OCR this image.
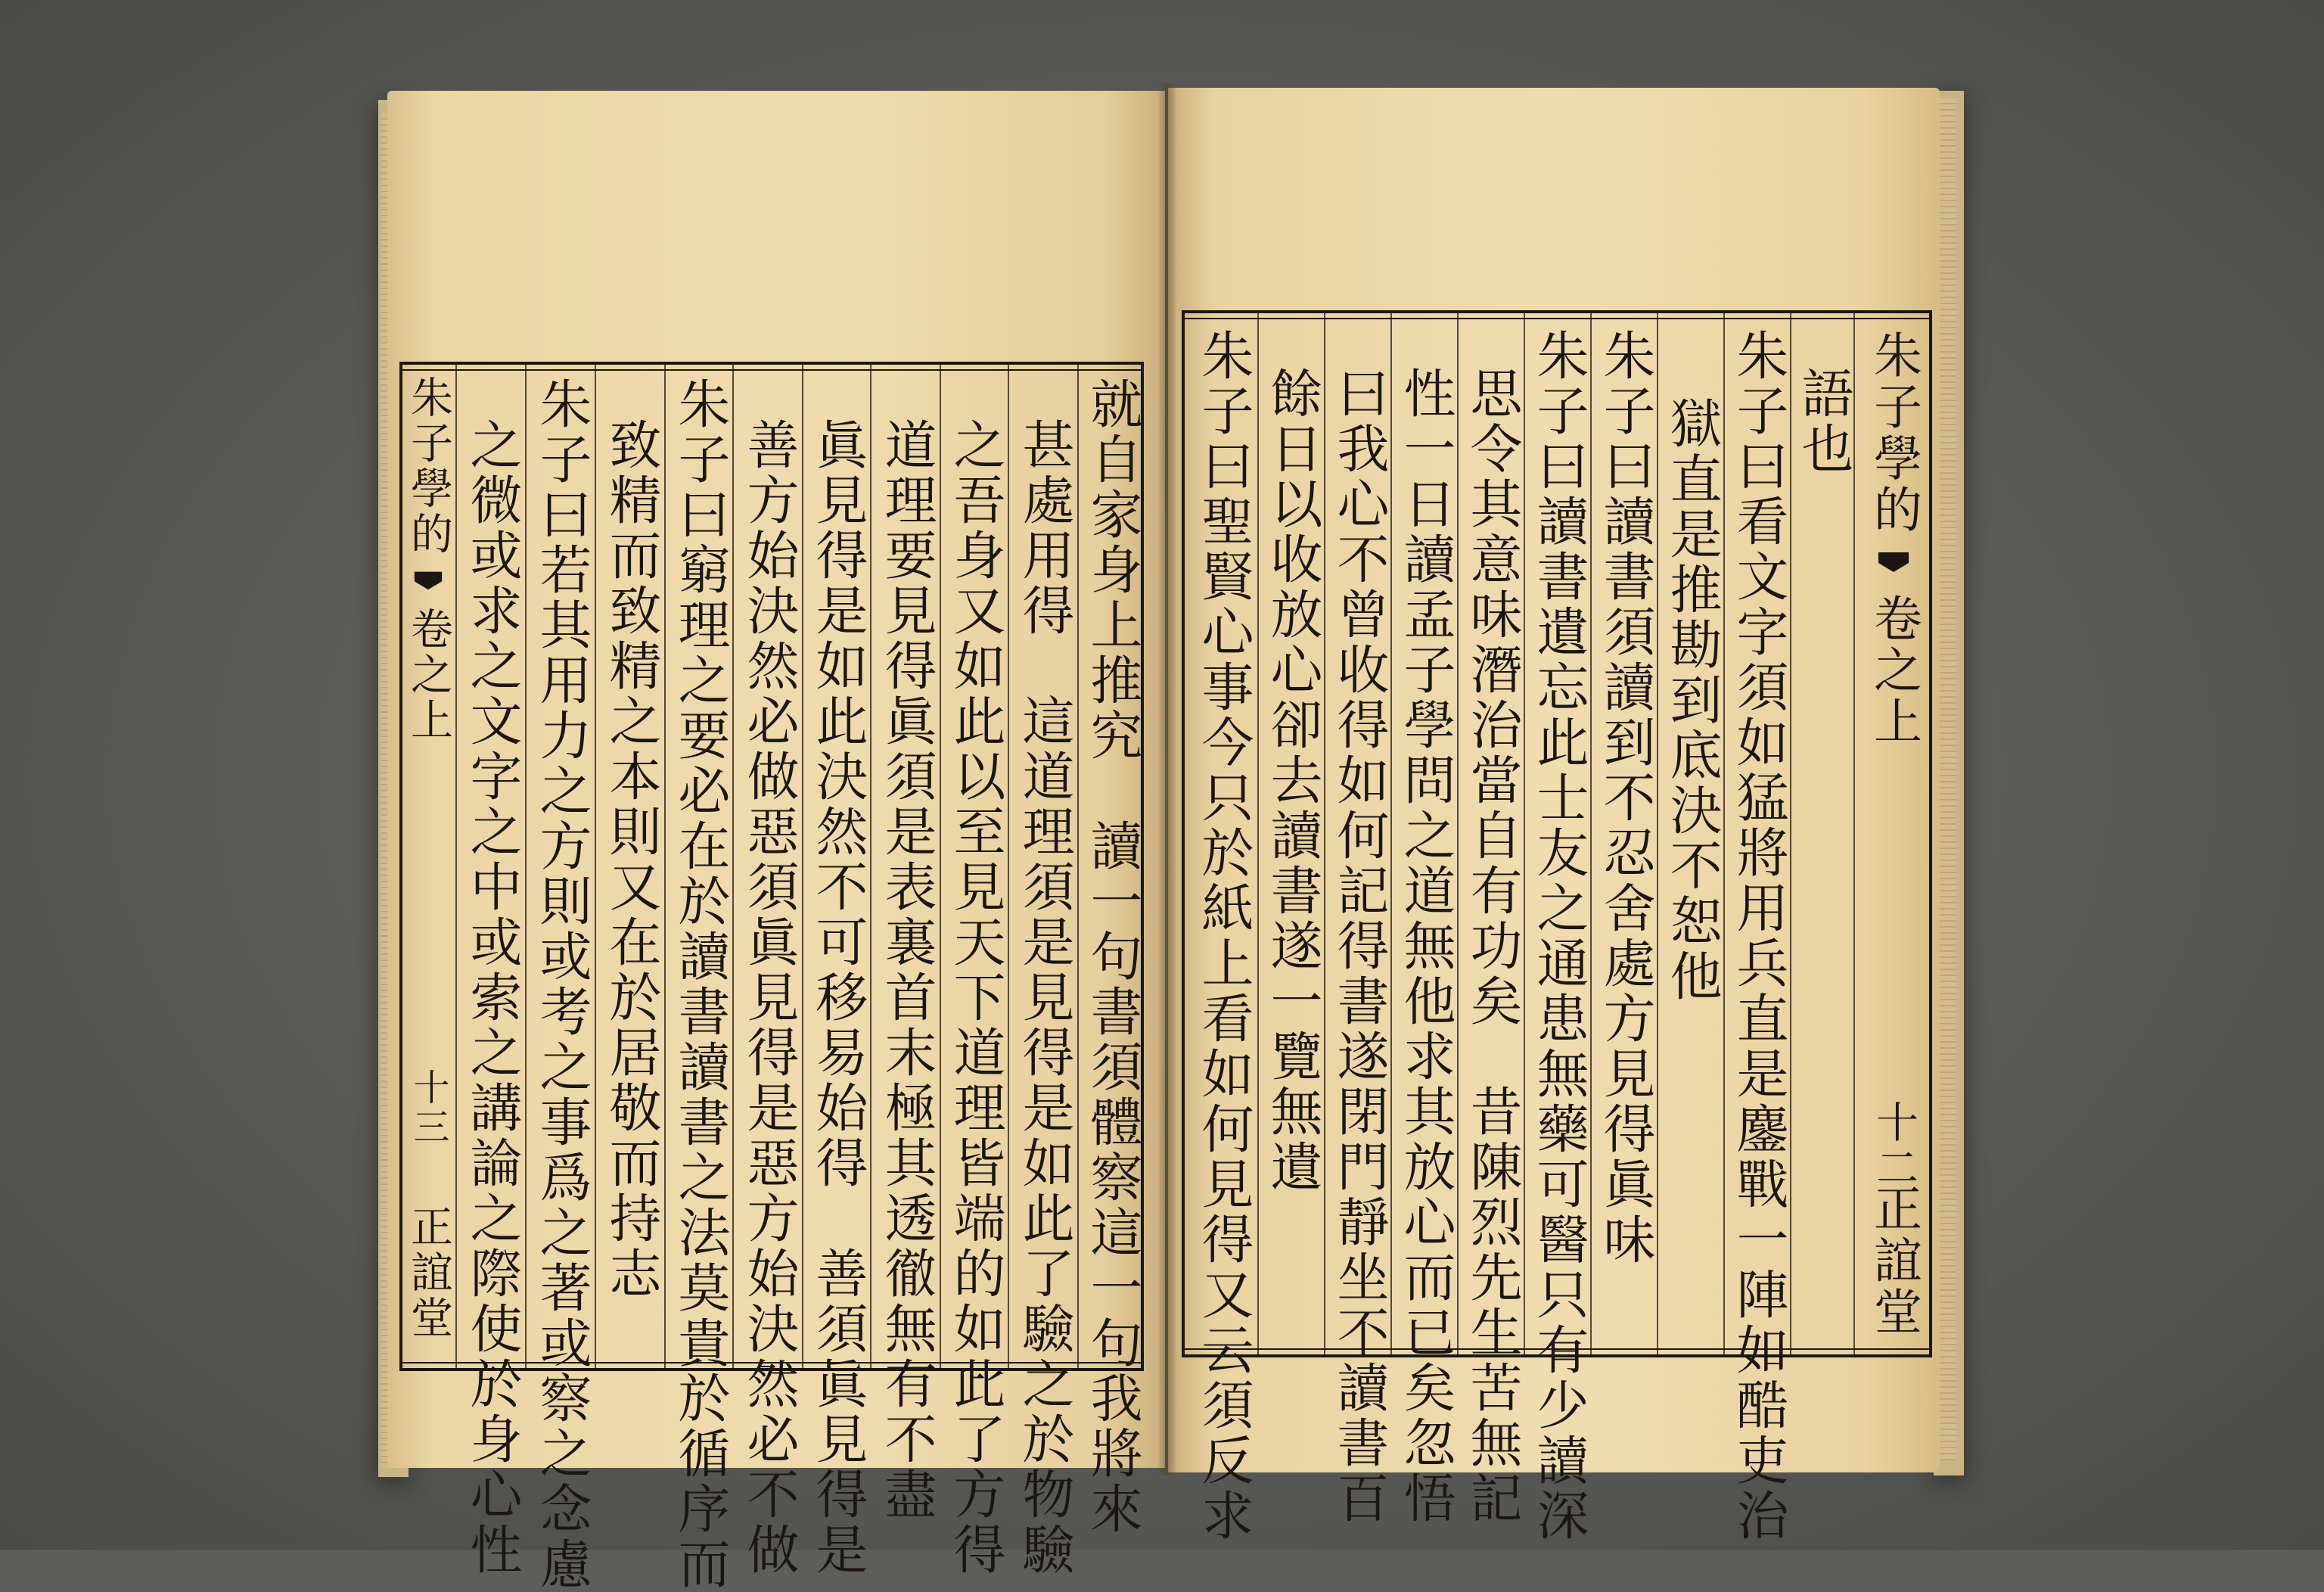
朱子學的
卷之上
十二
正誼堂
語也
朱子曰看文字須如猛將用兵直是鏖戰一陣如酷吏治
獄直是推勘到底決不恕他
朱子曰讀書須讀到不忍舍處方見得眞味
朱子曰讀書遺忘此士友之通患無藥可醫只有少讀深
思令其意味潛治當自有功矣　昔陳烈先生苦無記
性一日讀孟子學問之道無他求其放心而已矣忽悟
曰我心不曾收得如何記得書遂閉門靜坐不讀書百
餘日以收放心卻去讀書遂一覽無遺
朱子曰聖賢心事今只於紙上看如何見得又云須反求
就自家身上推究　讀一句書須體察這一句我將來
甚處用得　這道理須是見得是如此了驗之於物驗
之吾身又如此以至見天下道理皆端的如此了方得
道理要見得眞須是表裏首末極其透徹無有不盡
眞見得是如此決然不可移易始得　善須眞見得是
善方始決然必做惡須眞見得是惡方始決然必不做
朱子曰窮理之要必在於讀書讀書之法莫貴於循序而
致精而致精之本則又在於居敬而持志
朱子曰若其用力之方則或考之事爲之著或察之念慮
之微或求之文字之中或索之講論之際使於身心性
朱子學的
卷之上
十三
正誼堂
